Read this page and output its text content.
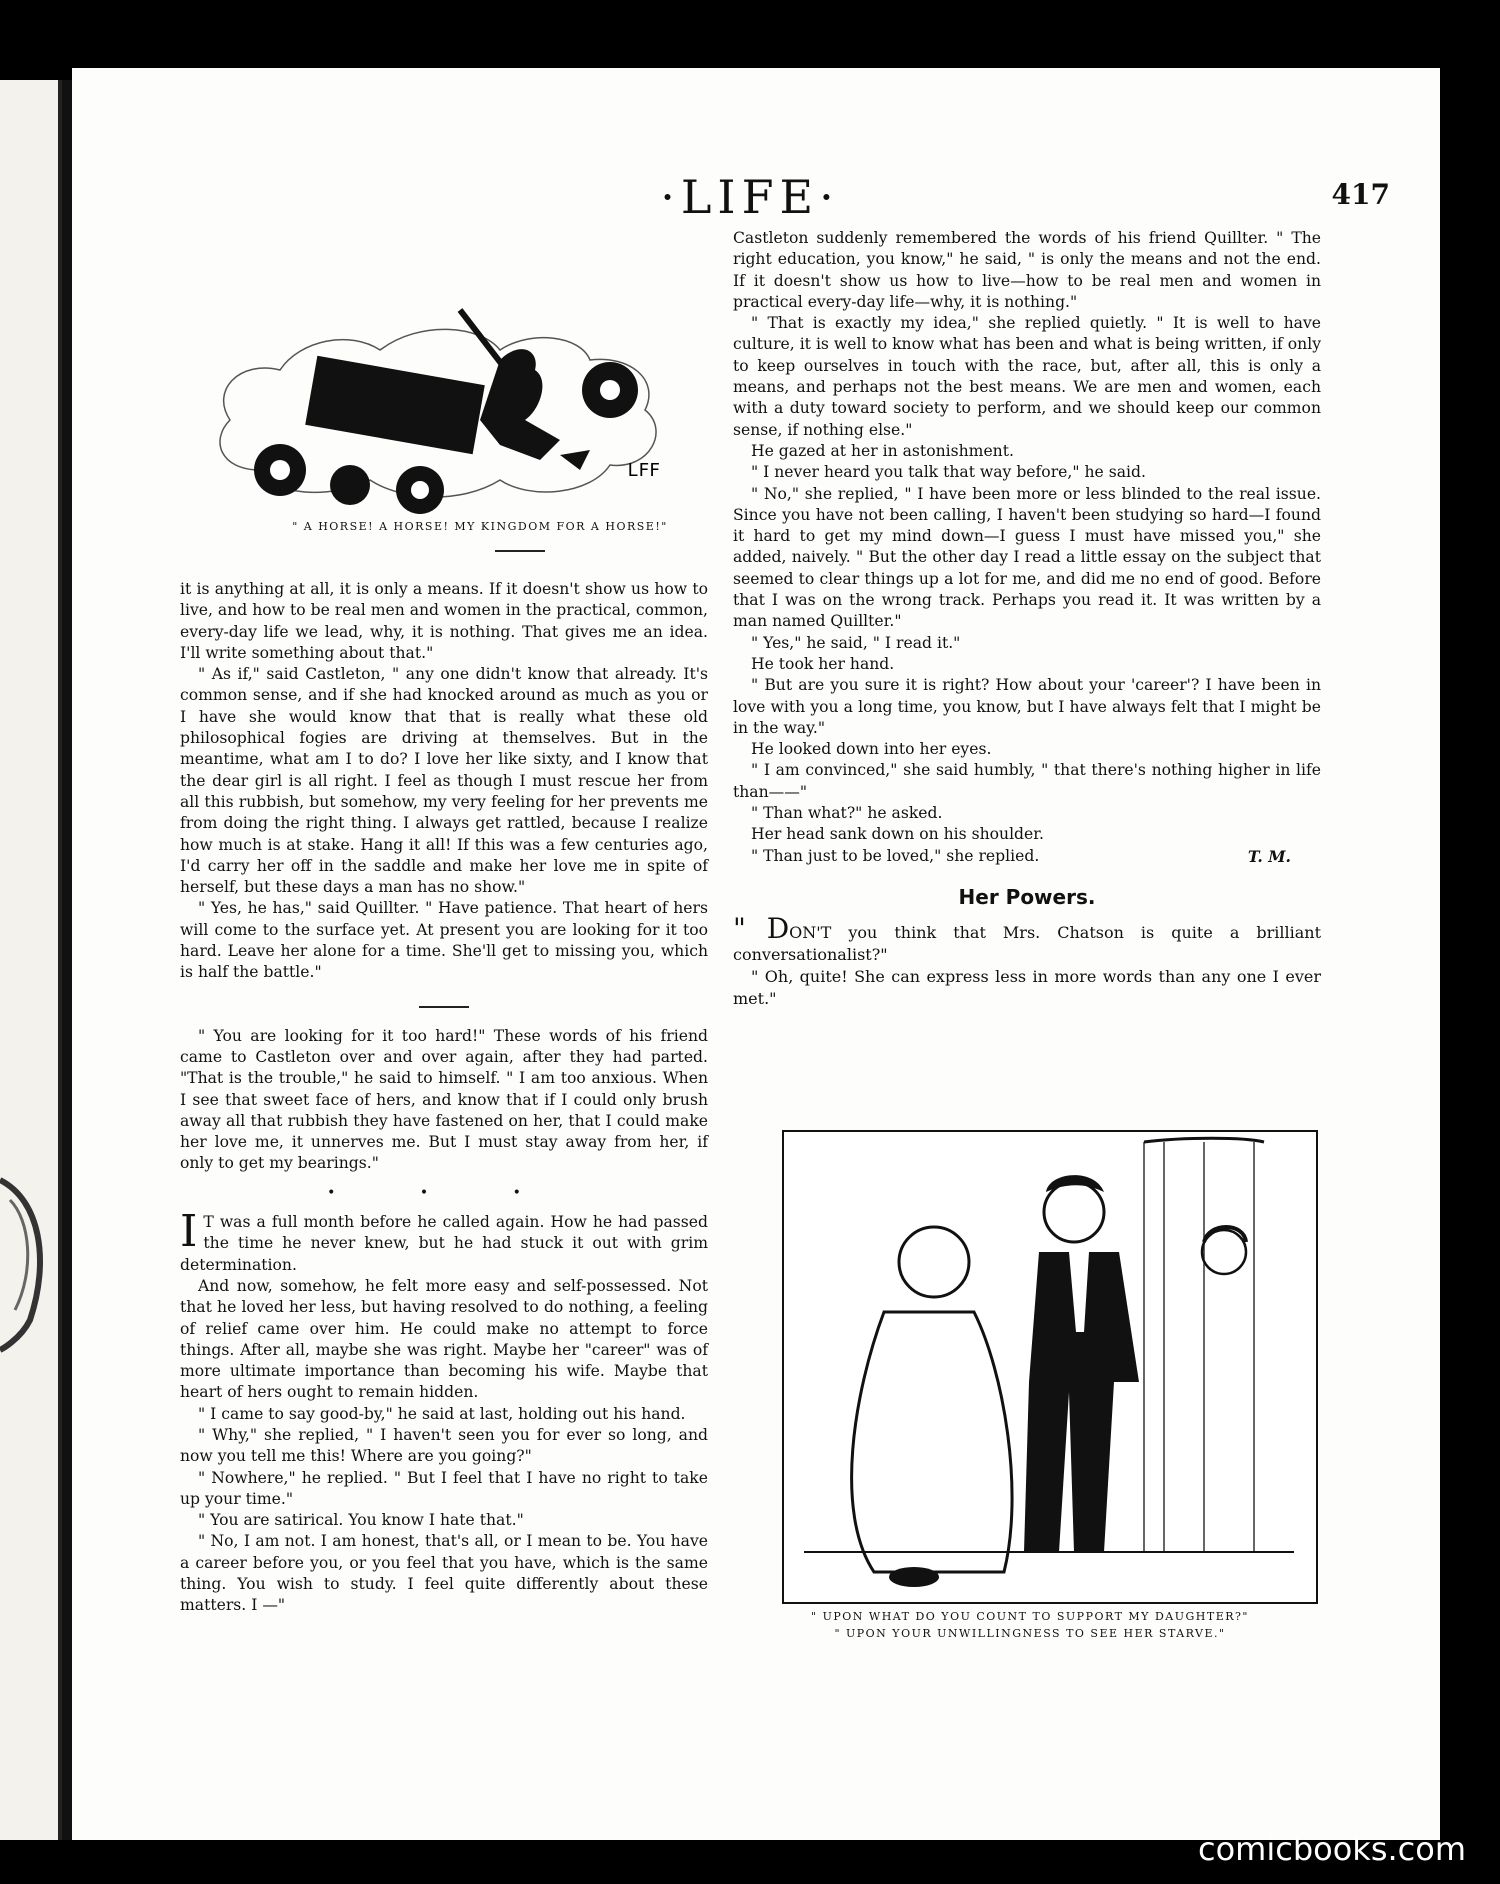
·LIFE·	417
LFF
" A HORSE! A HORSE! MY KINGDOM FOR A HORSE!"

it is anything at all, it is only a means. If it doesn't show us how to live, and how to be real men and women in the practical, common, every-day life we lead, why, it is nothing. That gives me an idea. I'll write something about that."

" As if," said Castleton, " any one didn't know that already. It's common sense, and if she had knocked around as much as you or I have she would know that that is really what these old philosophical fogies are driving at themselves. But in the meantime, what am I to do? I love her like sixty, and I know that the dear girl is all right. I feel as though I must rescue her from all this rubbish, but somehow, my very feeling for her prevents me from doing the right thing. I always get rattled, because I realize how much is at stake. Hang it all! If this was a few centuries ago, I'd carry her off in the saddle and make her love me in spite of herself, but these days a man has no show."

" Yes, he has," said Quillter. " Have patience. That heart of hers will come to the surface yet. At present you are looking for it too hard. Leave her alone for a time. She'll get to missing you, which is half the battle."

" You are looking for it too hard!" These words of his friend came to Castleton over and over again, after they had parted. "That is the trouble," he said to himself. " I am too anxious. When I see that sweet face of hers, and know that if I could only brush away all that rubbish they have fastened on her, that I could make her love me, it unnerves me. But I must stay away from her, if only to get my bearings."

• • •

I T was a full month before he called again. How he had passed the time he never knew, but he had stuck it out with grim determination.

And now, somehow, he felt more easy and self-possessed. Not that he loved her less, but having resolved to do nothing, a feeling of relief came over him. He could make no attempt to force things. After all, maybe she was right. Maybe her "career" was of more ultimate importance than becoming his wife. Maybe that heart of hers ought to remain hidden.

" I came to say good-by," he said at last, holding out his hand.

" Why," she replied, " I haven't seen you for ever so long, and now you tell me this! Where are you going?"

" Nowhere," he replied. " But I feel that I have no right to take up your time."

" You are satirical. You know I hate that."

" No, I am not. I am honest, that's all, or I mean to be. You have a career before you, or you feel that you have, which is the same thing. You wish to study. I feel quite differently about these matters. I —"

Castleton suddenly remembered the words of his friend Quillter. " The right education, you know," he said, " is only the means and not the end. If it doesn't show us how to live—how to be real men and women in practical every-day life—why, it is nothing."

" That is exactly my idea," she replied quietly. " It is well to have culture, it is well to know what has been and what is being written, if only to keep ourselves in touch with the race, but, after all, this is only a means, and perhaps not the best means. We are men and women, each with a duty toward society to perform, and we should keep our common sense, if nothing else."

He gazed at her in astonishment.

" I never heard you talk that way before," he said.

" No," she replied, " I have been more or less blinded to the real issue. Since you have not been calling, I haven't been studying so hard—I found it hard to get my mind down—I guess I must have missed you," she added, naively. " But the other day I read a little essay on the subject that seemed to clear things up a lot for me, and did me no end of good. Before that I was on the wrong track. Perhaps you read it. It was written by a man named Quillter."

" Yes," he said, " I read it."

He took her hand.

" But are you sure it is right? How about your 'career'? I have been in love with you a long time, you know, but I have always felt that I might be in the way."

He looked down into her eyes.

" I am convinced," she said humbly, " that there's nothing higher in life than——"

" Than what?" he asked.

Her head sank down on his shoulder.

T. M.
" Than just to be loved," she replied.

Her Powers.

" DON'T you think that Mrs. Chatson is quite a brilliant conversationalist?"

" Oh, quite! She can express less in more words than any one I ever met."

" UPON WHAT DO YOU COUNT TO SUPPORT MY DAUGHTER?"
" UPON YOUR UNWILLINGNESS TO SEE HER STARVE."
comicbooks.com
